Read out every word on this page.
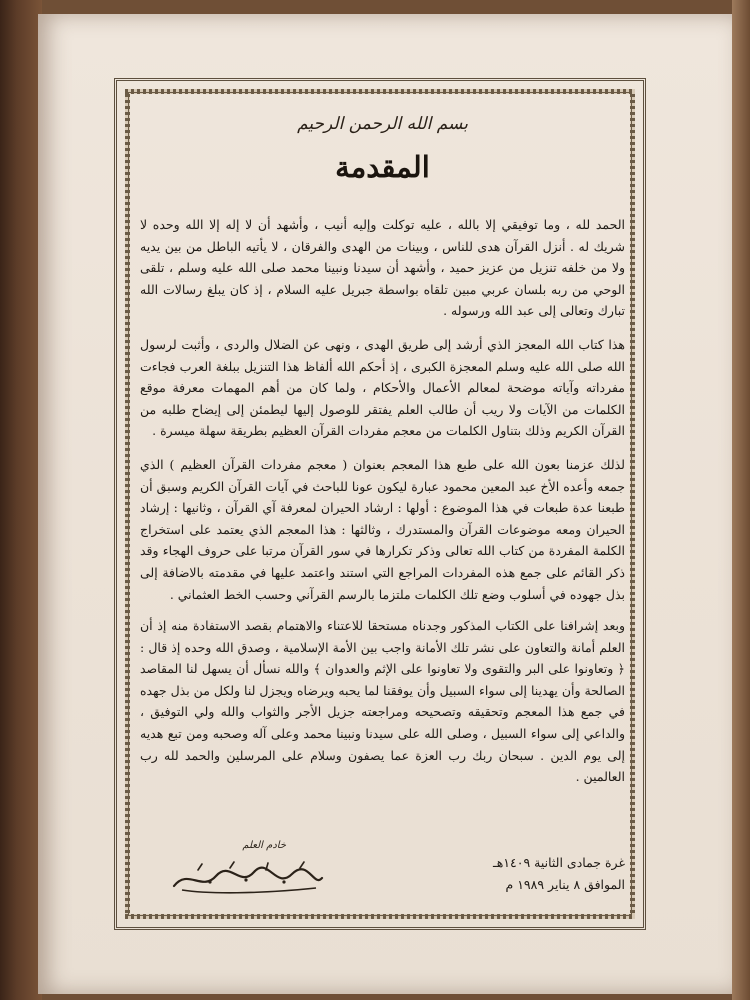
بسم الله الرحمن الرحيم
المقدمة

الحمد لله ، وما توفيقي إلا بالله ، عليه توكلت وإليه أنيب ، وأشهد أن لا إله إلا الله وحده لا شريك له . أنزل القرآن هدى للناس ، وبينات من الهدى والفرقان ، لا يأتيه الباطل من بين يديه ولا من خلفه تنزيل من عزيز حميد ، وأشهد أن سيدنا ونبينا محمد صلى الله عليه وسلم ، تلقى الوحي من ربه بلسان عربي مبين تلقاه بواسطة جبريل عليه السلام ، إذ كان يبلغ رسالات الله تبارك وتعالى إلى عبد الله ورسوله .

هذا كتاب الله المعجز الذي أرشد إلى طريق الهدى ، ونهى عن الضلال والردى ، وأثبت لرسول الله صلى الله عليه وسلم المعجزة الكبرى ، إذ أحكم الله ألفاظ هذا التنزيل ببلغة العرب فجاءت مفرداته وآياته موضحة لمعالم الأعمال والأحكام ، ولما كان من أهم المهمات معرفة موقع الكلمات من الآيات ولا ريب أن طالب العلم يفتقر للوصول إليها ليطمئن إلى إيضاح طلبه من القرآن الكريم وذلك بتناول الكلمات من معجم مفردات القرآن العظيم بطريقة سهلة ميسرة .

لذلك عزمنا بعون الله على طبع هذا المعجم بعنوان ( معجم مفردات القرآن العظيم ) الذي جمعه وأعده الأخ عبد المعين محمود عبارة ليكون عونا للباحث في آيات القرآن الكريم وسبق أن طبعنا عدة طبعات في هذا الموضوع : أولها : ارشاد الحيران لمعرفة آي القرآن ، وثانيها : إرشاد الحيران ومعه موضوعات القرآن والمستدرك ، وثالثها : هذا المعجم الذي يعتمد على استخراج الكلمة المفردة من كتاب الله تعالى وذكر تكرارها في سور القرآن مرتبا على حروف الهجاء وقد ذكر القائم على جمع هذه المفردات المراجع التي استند واعتمد عليها في مقدمته بالاضافة إلى بذل جهوده في أسلوب وضع تلك الكلمات ملتزما بالرسم القرآني وحسب الخط العثماني .

وبعد إشرافنا على الكتاب المذكور وجدناه مستحقا للاعتناء والاهتمام بقصد الاستفادة منه إذ أن العلم أمانة والتعاون على نشر تلك الأمانة واجب بين الأمة الإسلامية ، وصدق الله وحده إذ قال : ﴿ وتعاونوا على البر والتقوى ولا تعاونوا على الإثم والعدوان ﴾ والله نسأل أن يسهل لنا المقاصد الصالحة وأن يهدينا إلى سواء السبيل وأن يوفقنا لما يحبه ويرضاه ويجزل لنا ولكل من بذل جهده في جمع هذا المعجم وتحقيقه وتصحيحه ومراجعته جزيل الأجر والثواب والله ولي التوفيق ، والداعي إلى سواء السبيل ، وصلى الله على سيدنا ونبينا محمد وعلى آله وصحبه ومن تبع هديه إلى يوم الدين . سبحان ربك رب العزة عما يصفون وسلام على المرسلين والحمد لله رب العالمين .

غرة جمادى الثانية ١٤٠٩هـ
الموافق ٨ يناير ١٩٨٩ م
خادم العلم
